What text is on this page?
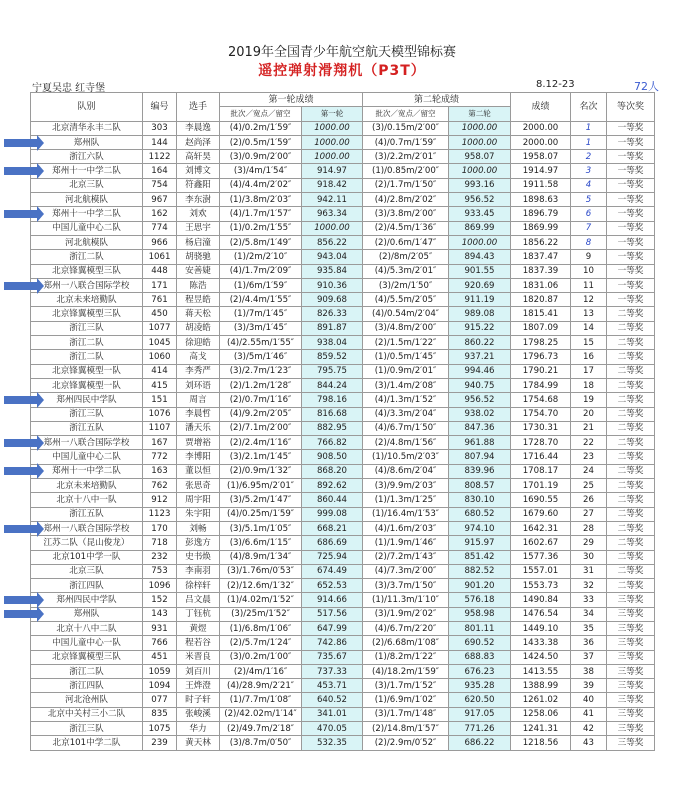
2019年全国青少年航空航天模型锦标赛
遥控弹射滑翔机（P3T）
宁夏吴忠 红寺堡	8.12-23	72人
队别	编号	选手	第一轮成绩		第二轮成绩		成绩	名次	等次奖
			批次／宽点／留空	第一轮	批次／宽点／留空	第二轮			
北京清华永丰二队	303	李晨逸	(4)/0.2m/1′59″	1000.00	(3)/0.15m/2′00″	1000.00	2000.00	1	一等奖
郑州队	144	赵尚泽	(2)/0.5m/1′59″	1000.00	(4)/0.7m/1′59″	1000.00	2000.00	1	一等奖
浙江六队	1122	高轩昊	(3)/0.9m/2′00″	1000.00	(3)/2.2m/2′01″	958.07	1958.07	2	一等奖
郑州十一中学二队	164	刘博文	(3)/4m/1′54″	914.97	(1)/0.85m/2′00″	1000.00	1914.97	3	一等奖
北京三队	754	符鑫阳	(4)/4.4m/2′02″	918.42	(2)/1.7m/1′50″	993.16	1911.58	4	一等奖
河北航模队	967	李东澍	(1)/3.8m/2′03″	942.11	(4)/2.8m/2′02″	956.52	1898.63	5	一等奖
郑州十一中学二队	162	刘欢	(4)/1.7m/1′57″	963.34	(3)/3.8m/2′00″	933.45	1896.79	6	一等奖
中国儿童中心二队	774	王思宇	(1)/0.2m/1′55″	1000.00	(2)/4.5m/1′36″	869.99	1869.99	7	一等奖
河北航模队	966	杨启潼	(2)/5.8m/1′49″	856.22	(2)/0.6m/1′47″	1000.00	1856.22	8	一等奖
浙江二队	1061	胡骁驰	(1)/2m/2′10″	943.04	(2)/8m/2′05″	894.43	1837.47	9	一等奖
北京锋翼模型三队	448	安善婕	(4)/1.7m/2′09″	935.84	(4)/5.3m/2′01″	901.55	1837.39	10	一等奖
郑州一八联合国际学校	171	陈浩	(1)/6m/1′59″	910.36	(3)/2m/1′50″	920.69	1831.06	11	一等奖
北京未来培勤队	761	程昱皓	(2)/4.4m/1′55″	909.68	(4)/5.5m/2′05″	911.19	1820.87	12	一等奖
北京锋翼模型三队	450	蒋天松	(1)/7m/1′45″	826.33	(4)/0.54m/2′04″	989.08	1815.41	13	二等奖
浙江三队	1077	胡凌皓	(3)/3m/1′45″	891.87	(3)/4.8m/2′00″	915.22	1807.09	14	二等奖
浙江二队	1045	徐迎皓	(4)/2.55m/1′55″	938.04	(2)/1.5m/1′22″	860.22	1798.25	15	二等奖
浙江二队	1060	高戈	(3)/5m/1′46″	859.52	(1)/0.5m/1′45″	937.21	1796.73	16	二等奖
北京锋翼模型一队	414	李秀严	(3)/2.7m/1′23″	795.75	(1)/0.9m/2′01″	994.46	1790.21	17	二等奖
北京锋翼模型一队	415	刘环语	(2)/1.2m/1′28″	844.24	(3)/1.4m/2′08″	940.75	1784.99	18	二等奖
郑州四民中学队	151	周言	(2)/0.7m/1′16″	798.16	(4)/1.3m/1′52″	956.52	1754.68	19	二等奖
浙江三队	1076	李晨哲	(4)/9.2m/2′05″	816.68	(4)/3.3m/2′04″	938.02	1754.70	20	二等奖
浙江五队	1107	潘天乐	(2)/7.1m/2′00″	882.95	(4)/6.7m/1′50″	847.36	1730.31	21	二等奖
郑州一八联合国际学校	167	贾增裕	(2)/2.4m/1′16″	766.82	(2)/4.8m/1′56″	961.88	1728.70	22	二等奖
中国儿童中心二队	772	李博阳	(3)/2.1m/1′45″	908.50	(1)/10.5m/2′03″	807.94	1716.44	23	二等奖
郑州十一中学二队	163	董以恒	(2)/0.9m/1′32″	868.20	(4)/8.6m/2′04″	839.96	1708.17	24	二等奖
北京未来培勤队	762	张思奇	(1)/6.95m/2′01″	892.62	(3)/9.9m/2′03″	808.57	1701.19	25	二等奖
北京十八中一队	912	周宇阳	(3)/5.2m/1′47″	860.44	(1)/1.3m/1′25″	830.10	1690.55	26	二等奖
浙江五队	1123	朱宇阳	(4)/0.25m/1′59″	999.08	(1)/16.4m/1′53″	680.52	1679.60	27	二等奖
郑州一八联合国际学校	170	刘畅	(3)/5.1m/1′05″	668.21	(4)/1.6m/2′03″	974.10	1642.31	28	二等奖
江苏二队（昆山俊龙）	718	彭逸方	(3)/6.6m/1′15″	686.69	(1)/1.9m/1′46″	915.97	1602.67	29	二等奖
北京101中学一队	232	史书焕	(4)/8.9m/1′34″	725.94	(2)/7.2m/1′43″	851.42	1577.36	30	二等奖
北京三队	753	李南羽	(3)/1.76m/0′53″	674.49	(4)/7.3m/2′00″	882.52	1557.01	31	二等奖
浙江四队	1096	徐梓轩	(2)/12.6m/1′32″	652.53	(3)/3.7m/1′50″	901.20	1553.73	32	二等奖
郑州四民中学队	152	吕文晨	(1)/4.02m/1′52″	914.66	(1)/11.3m/1′10″	576.18	1490.84	33	三等奖
郑州队	143	丁钰杭	(3)/25m/1′52″	517.56	(3)/1.9m/2′02″	958.98	1476.54	34	三等奖
北京十八中二队	931	黄煜	(1)/6.8m/1′06″	647.99	(4)/6.7m/2′20″	801.11	1449.10	35	三等奖
中国儿童中心一队	766	程若谷	(2)/5.7m/1′24″	742.86	(2)/6.68m/1′08″	690.52	1433.38	36	三等奖
北京锋翼模型三队	451	米晋良	(3)/0.2m/1′00″	735.67	(1)/8.2m/1′22″	688.83	1424.50	37	三等奖
浙江二队	1059	刘百川	(2)/4m/1′16″	737.33	(4)/18.2m/1′59″	676.23	1413.55	38	三等奖
浙江四队	1094	王烨澄	(4)/28.9m/2′21″	453.71	(3)/1.7m/1′52″	935.28	1388.99	39	三等奖
河北沧州队	077	时子轩	(1)/7.7m/1′08″	640.52	(1)/6.9m/1′02″	620.50	1261.02	40	三等奖
北京中关村三小二队	835	张峻溪	(2)/42.02m/1′14″	341.01	(3)/1.7m/1′48″	917.05	1258.06	41	三等奖
浙江三队	1075	华力	(2)/49.7m/2′18″	470.05	(2)/14.8m/1′57″	771.26	1241.31	42	三等奖
北京101中学二队	239	黄天林	(3)/8.7m/0′50″	532.35	(2)/2.9m/0′52″	686.22	1218.56	43	三等奖
